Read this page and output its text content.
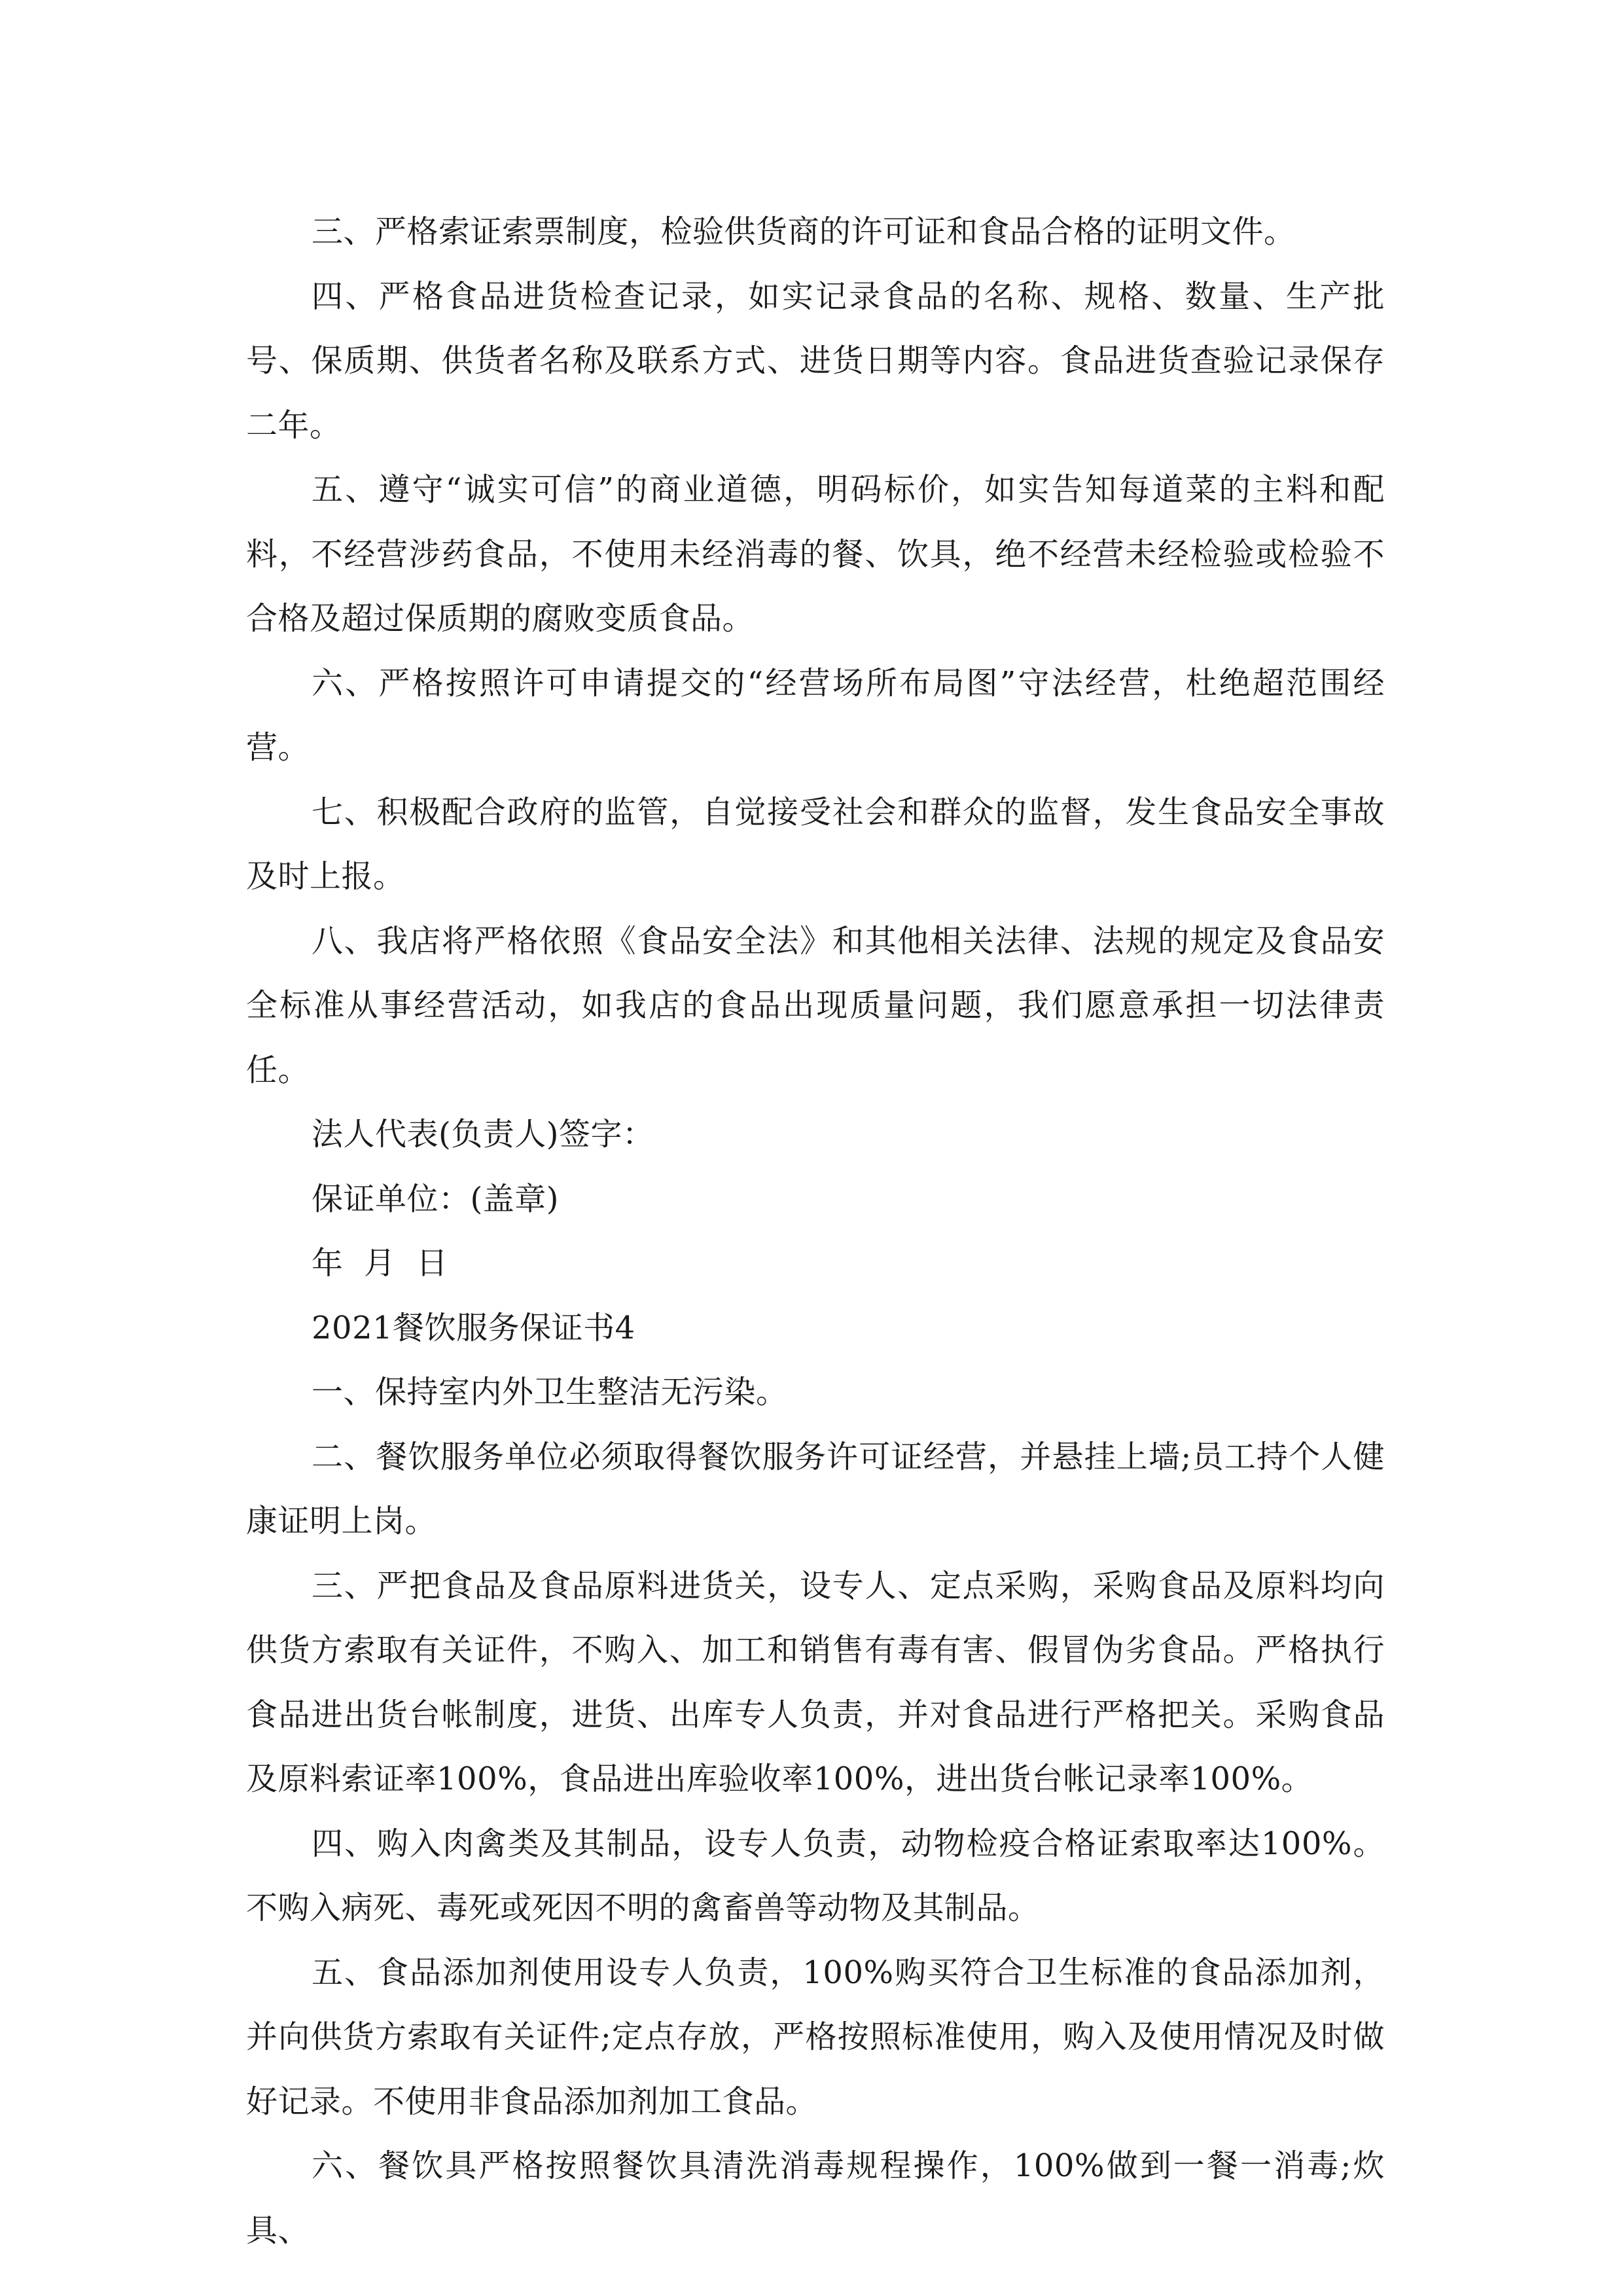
三、严格索证索票制度，检验供货商的许可证和食品合格的证明文件。

四、严格食品进货检查记录，如实记录食品的名称、规格、数量、生产批号、保质期、供货者名称及联系方式、进货日期等内容。食品进货查验记录保存二年。

五、遵守“诚实可信”的商业道德，明码标价，如实告知每道菜的主料和配料，不经营涉药食品，不使用未经消毒的餐、饮具，绝不经营未经检验或检验不合格及超过保质期的腐败变质食品。

六、严格按照许可申请提交的“经营场所布局图”守法经营，杜绝超范围经营。

七、积极配合政府的监管，自觉接受社会和群众的监督，发生食品安全事故及时上报。

八、我店将严格依照《食品安全法》和其他相关法律、法规的规定及食品安全标准从事经营活动，如我店的食品出现质量问题，我们愿意承担一切法律责任。

法人代表(负责人)签字：

保证单位：(盖章)

年  月  日

2021餐饮服务保证书4

一、保持室内外卫生整洁无污染。

二、餐饮服务单位必须取得餐饮服务许可证经营，并悬挂上墙;员工持个人健康证明上岗。

三、严把食品及食品原料进货关，设专人、定点采购，采购食品及原料均向供货方索取有关证件，不购入、加工和销售有毒有害、假冒伪劣食品。严格执行食品进出货台帐制度，进货、出库专人负责，并对食品进行严格把关。采购食品及原料索证率100%，食品进出库验收率100%，进出货台帐记录率100%。

四、购入肉禽类及其制品，设专人负责，动物检疫合格证索取率达100%。不购入病死、毒死或死因不明的禽畜兽等动物及其制品。

五、食品添加剂使用设专人负责，100%购买符合卫生标准的食品添加剂，并向供货方索取有关证件;定点存放，严格按照标准使用，购入及使用情况及时做好记录。不使用非食品添加剂加工食品。

六、餐饮具严格按照餐饮具清洗消毒规程操作，100%做到一餐一消毒;炊具、
